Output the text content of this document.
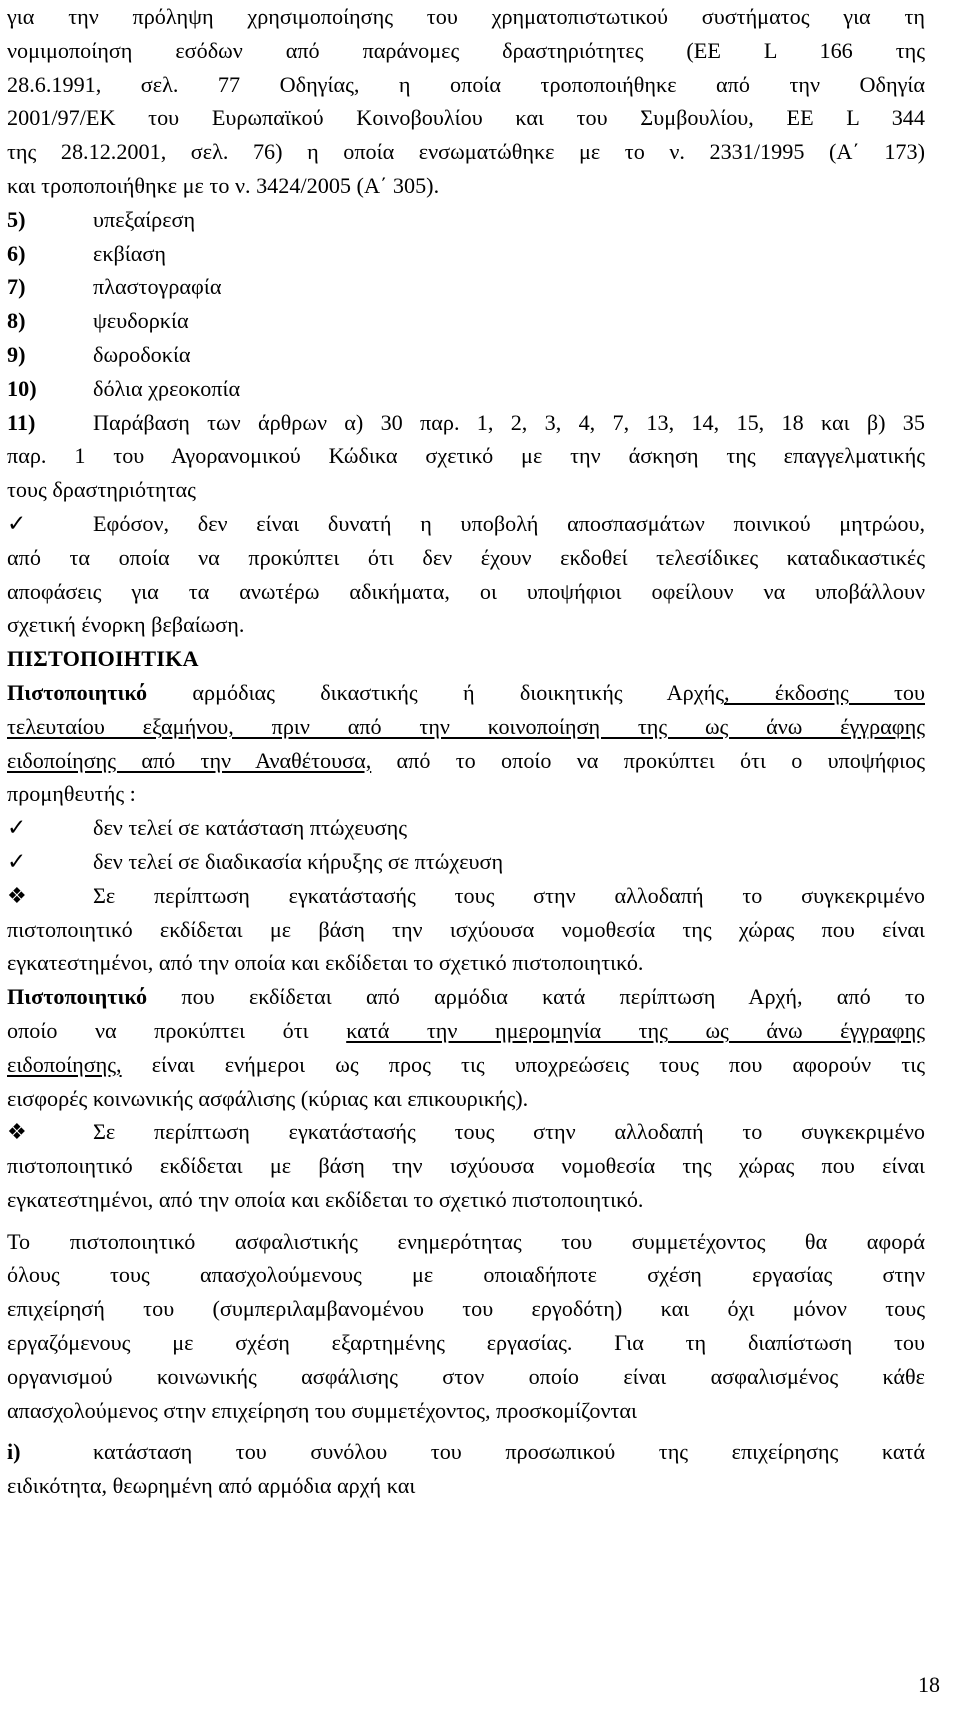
για την πρόληψη χρησιμοποίησης του χρηματοπιστωτικού συστήματος για τη
νομιμοποίηση εσόδων από παράνομες δραστηριότητες (ΕΕ L 166 της
28.6.1991, σελ. 77 Οδηγίας, η οποία τροποποιήθηκε από την Οδηγία
2001/97/ΕΚ του Ευρωπαϊκού Κοινοβουλίου και του Συμβουλίου, ΕΕ L 344
της 28.12.2001, σελ. 76) η οποία ενσωματώθηκε με το ν. 2331/1995 (Α΄ 173)
και τροποποιήθηκε με το ν. 3424/2005 (Α΄ 305).
5)	υπεξαίρεση
6)	εκβίαση
7)	πλαστογραφία
8)	ψευδορκία
9)	δωροδοκία
10)	δόλια χρεοκοπία
11)	Παράβαση των άρθρων α) 30 παρ. 1, 2, 3, 4, 7, 13, 14, 15, 18 και β) 35
παρ. 1 του Αγορανομικού Κώδικα σχετικό με την άσκηση της επαγγελματικής
τους δραστηριότητας
✓	Εφόσον, δεν είναι δυνατή η υποβολή αποσπασμάτων ποινικού μητρώου,
από τα οποία να προκύπτει ότι δεν έχουν εκδοθεί τελεσίδικες καταδικαστικές
αποφάσεις για τα ανωτέρω αδικήματα, οι υποψήφιοι οφείλουν να υποβάλλουν
σχετική ένορκη βεβαίωση.
ΠΙΣΤΟΠΟΙΗΤΙΚΑ
Πιστοποιητικό αρμόδιας δικαστικής ή διοικητικής Αρχής, έκδοσης του
τελευταίου εξαμήνου, πριν από την κοινοποίηση της ως άνω έγγραφης
ειδοποίησης από την Αναθέτουσα, από το οποίο να προκύπτει ότι ο υποψήφιος
προμηθευτής :
✓	δεν τελεί σε κατάσταση πτώχευσης
✓	δεν τελεί σε διαδικασία κήρυξης σε πτώχευση
❖	Σε περίπτωση εγκατάστασής τους στην αλλοδαπή το συγκεκριμένο
πιστοποιητικό εκδίδεται με βάση την ισχύουσα νομοθεσία της χώρας που είναι
εγκατεστημένοι, από την οποία και εκδίδεται το σχετικό πιστοποιητικό.
Πιστοποιητικό που εκδίδεται από αρμόδια κατά περίπτωση Αρχή, από το
οποίο να προκύπτει ότι κατά την ημερομηνία της ως άνω έγγραφης
ειδοποίησης, είναι ενήμεροι ως προς τις υποχρεώσεις τους που αφορούν τις
εισφορές κοινωνικής ασφάλισης (κύριας και επικουρικής).
❖	Σε περίπτωση εγκατάστασής τους στην αλλοδαπή το συγκεκριμένο
πιστοποιητικό εκδίδεται με βάση την ισχύουσα νομοθεσία της χώρας που είναι
εγκατεστημένοι, από την οποία και εκδίδεται το σχετικό πιστοποιητικό.
Το πιστοποιητικό ασφαλιστικής ενημερότητας του συμμετέχοντος θα αφορά
όλους τους απασχολούμενους με οποιαδήποτε σχέση εργασίας στην
επιχείρησή του (συμπεριλαμβανομένου του εργοδότη) και όχι μόνον τους
εργαζόμενους με σχέση εξαρτημένης εργασίας. Για τη διαπίστωση του
οργανισμού κοινωνικής ασφάλισης στον οποίο είναι ασφαλισμένος κάθε
απασχολούμενος στην επιχείρηση του συμμετέχοντος, προσκομίζονται
i)	κατάσταση του συνόλου του προσωπικού της επιχείρησης κατά
ειδικότητα, θεωρημένη από αρμόδια αρχή και
18
